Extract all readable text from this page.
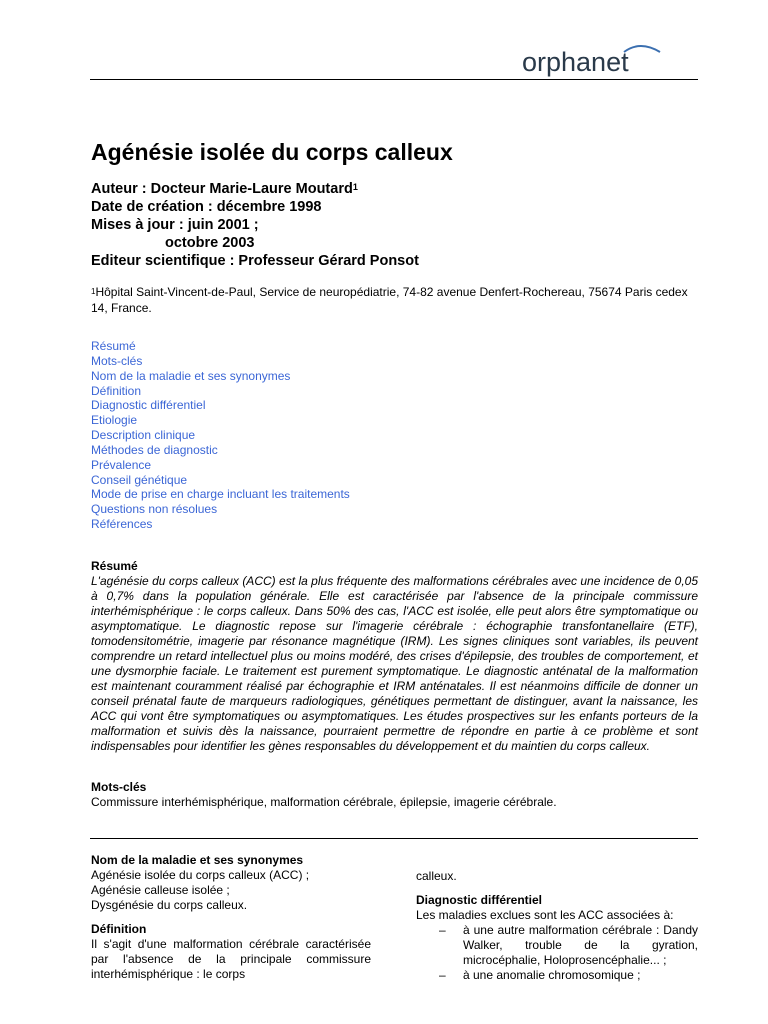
orphanet
Agénésie isolée du corps calleux
Auteur : Docteur Marie-Laure Moutard$^1$
Date de création : décembre 1998
Mises à jour : juin 2001 ;
octobre 2003
Editeur scientifique : Professeur Gérard Ponsot
$^1$Hôpital Saint-Vincent-de-Paul, Service de neuropédiatrie, 74-82 avenue Denfert-Rochereau, 75674 Paris cedex 14, France.
Résumé
Mots-clés
Nom de la maladie et ses synonymes
Définition
Diagnostic différentiel
Etiologie
Description clinique
Méthodes de diagnostic
Prévalence
Conseil génétique
Mode de prise en charge incluant les traitements
Questions non résolues
Références
Résumé
L'agénésie du corps calleux (ACC) est la plus fréquente des malformations cérébrales avec une incidence de 0,05 à 0,7% dans la population générale. Elle est caractérisée par l'absence de la principale commissure interhémisphérique : le corps calleux. Dans 50% des cas, l'ACC est isolée, elle peut alors être symptomatique ou asymptomatique. Le diagnostic repose sur l'imagerie cérébrale : échographie transfontanellaire (ETF), tomodensitométrie, imagerie par résonance magnétique (IRM). Les signes cliniques sont variables, ils peuvent comprendre un retard intellectuel plus ou moins modéré, des crises d'épilepsie, des troubles de comportement, et une dysmorphie faciale. Le traitement est purement symptomatique. Le diagnostic anténatal de la malformation est maintenant couramment réalisé par échographie et IRM anténatales. Il est néanmoins difficile de donner un conseil prénatal faute de marqueurs radiologiques, génétiques permettant de distinguer, avant la naissance, les ACC qui vont être symptomatiques ou asymptomatiques. Les études prospectives sur les enfants porteurs de la malformation et suivis dès la naissance, pourraient permettre de répondre en partie à ce problème et sont indispensables pour identifier les gènes responsables du développement et du maintien du corps calleux.
Mots-clés
Commissure interhémisphérique, malformation cérébrale, épilepsie, imagerie cérébrale.
Nom de la maladie et ses synonymes
Agénésie isolée du corps calleux (ACC) ;
Agénésie calleuse isolée ;
Dysgénésie du corps calleux.
Définition
Il s'agit d'une malformation cérébrale caractérisée par l'absence de la principale commissure interhémisphérique : le corps
calleux.
Diagnostic différentiel
Les maladies exclues sont les ACC associées à:
– à une autre malformation cérébrale : Dandy Walker, trouble de la gyration, microcéphalie, Holoprosencéphalie... ;
– à une anomalie chromosomique ;
